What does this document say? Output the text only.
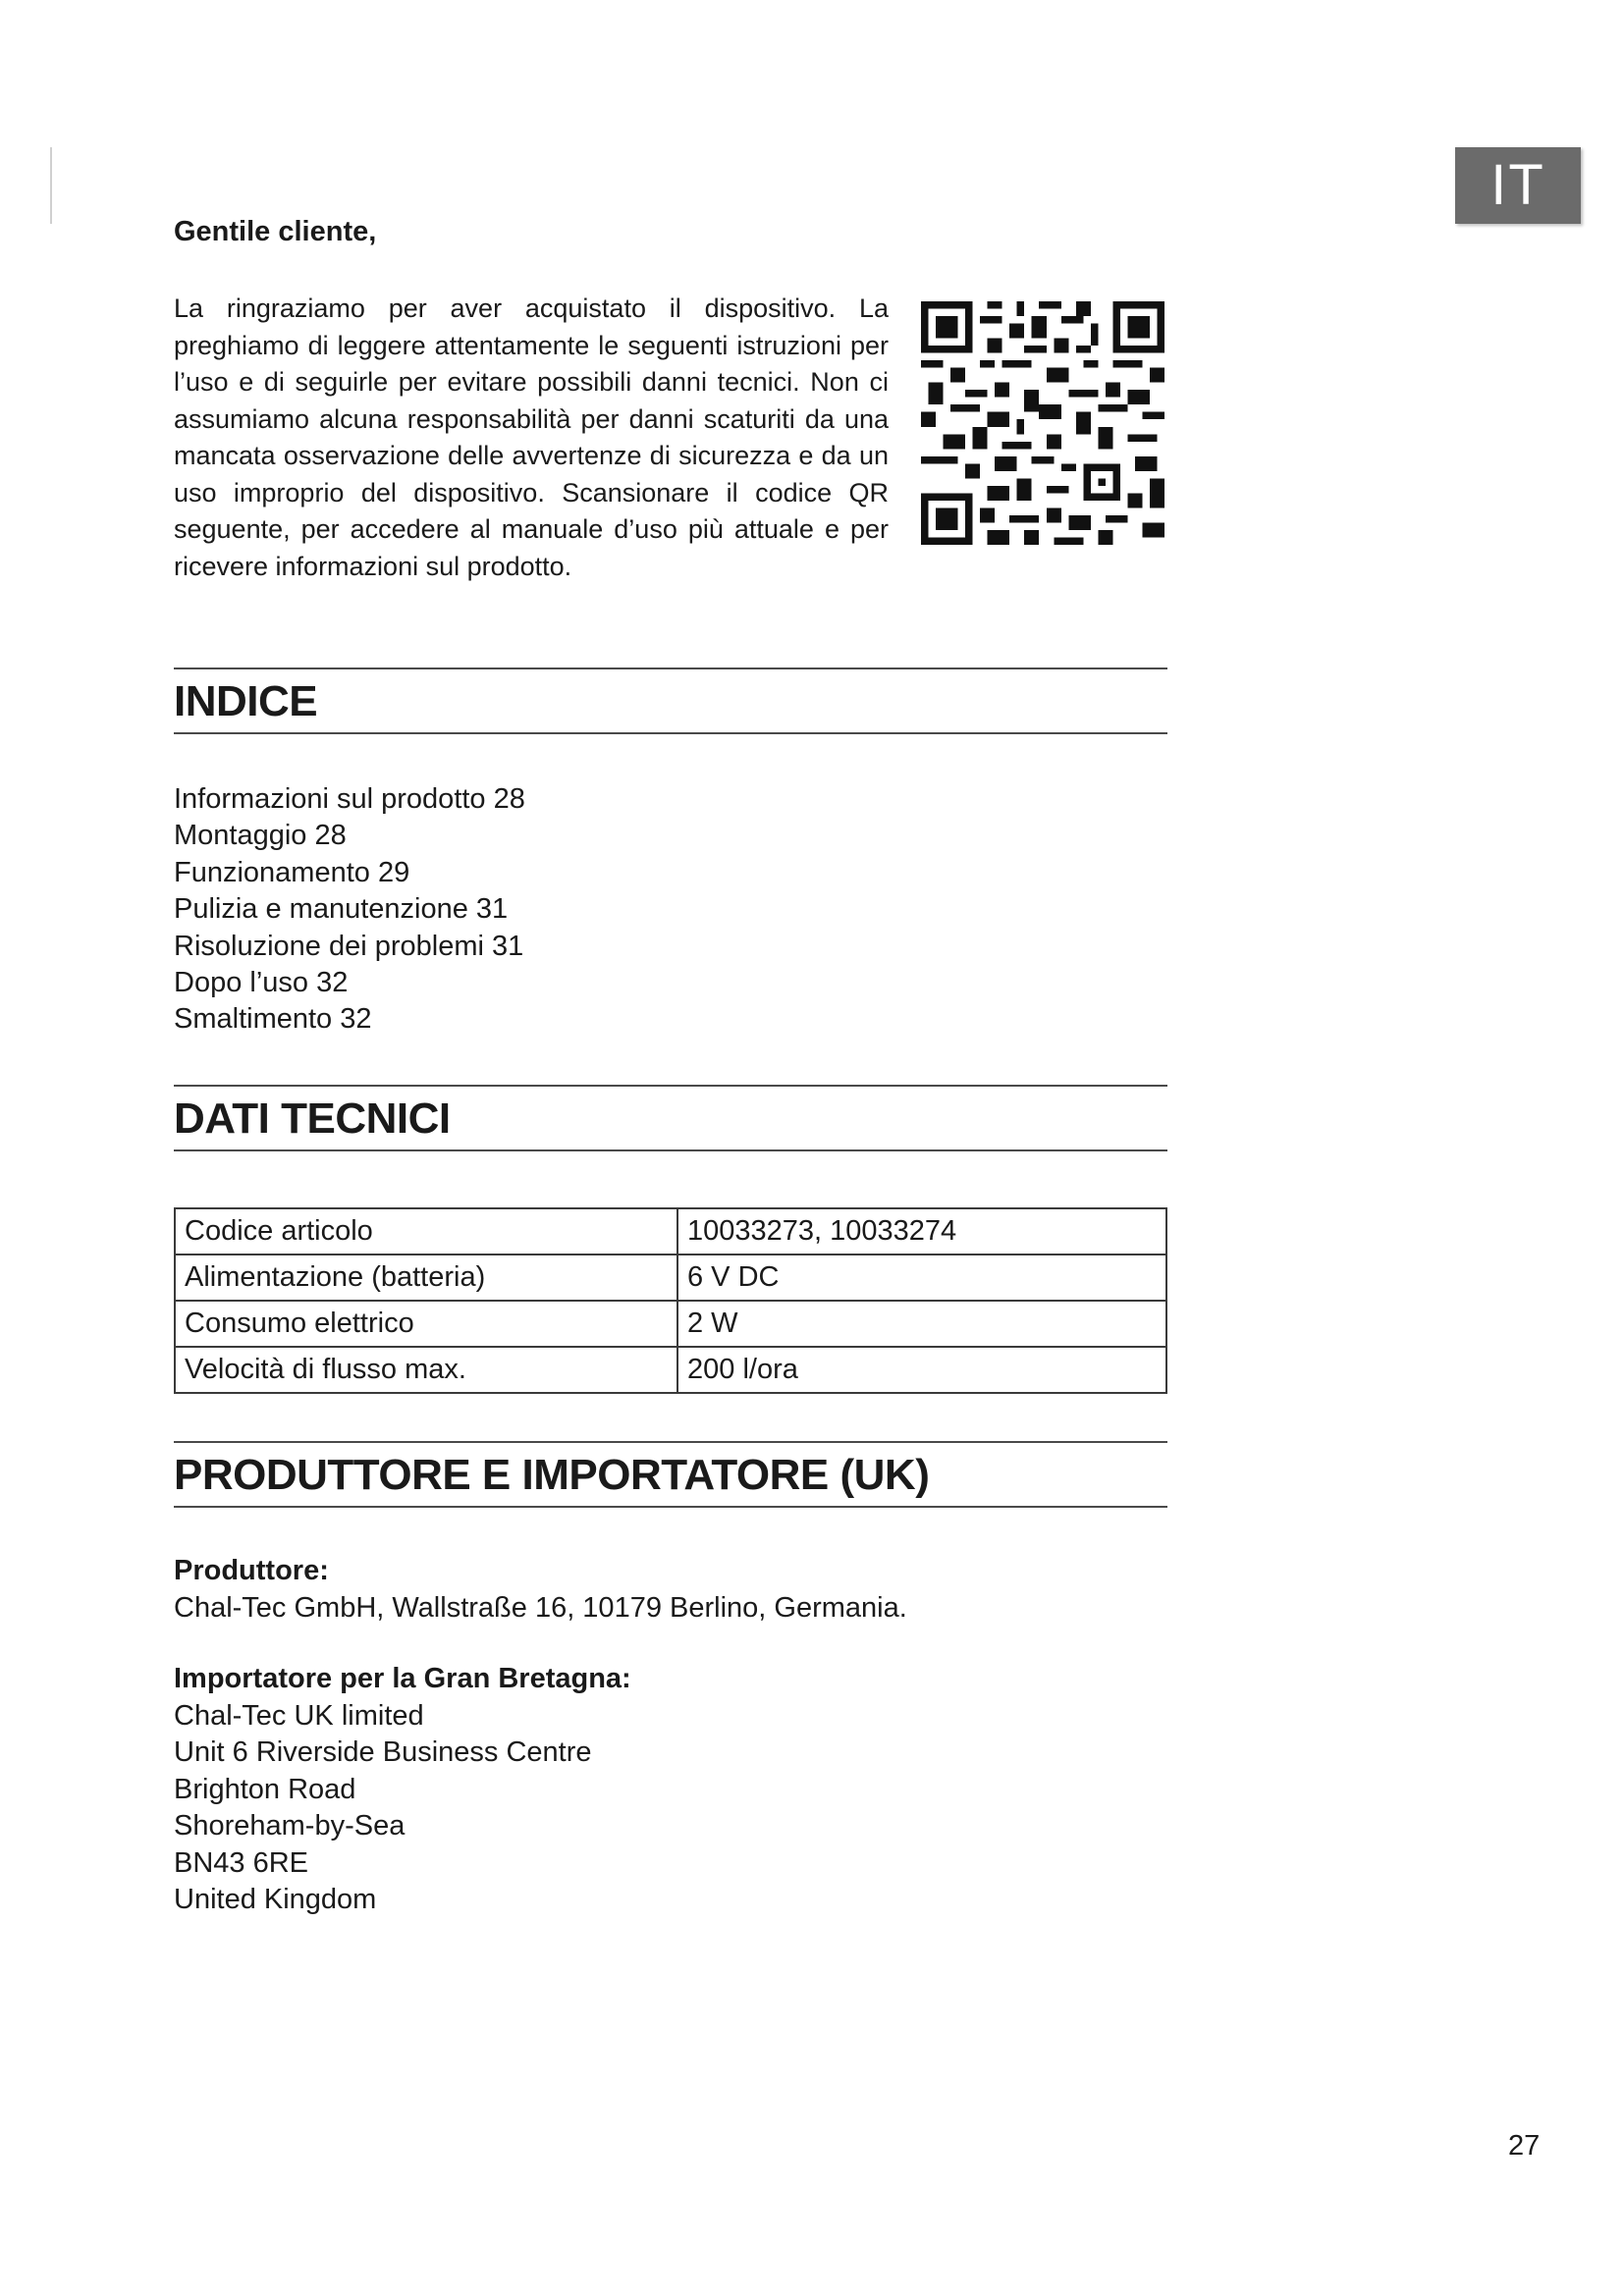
IT
Gentile cliente,

La ringraziamo per aver acquistato il dispositivo. La preghiamo di leggere attentamente le seguenti istruzioni per l’uso e di seguirle per evitare possibili danni tecnici. Non ci assumiamo alcuna responsabilità per danni scaturiti da una mancata osservazione delle avvertenze di sicurezza e da un uso improprio del dispositivo. Scansionare il codice QR seguente, per accedere al manuale d’uso più attuale e per ricevere informazioni sul prodotto.

INDICE
Informazioni sul prodotto 28
Montaggio 28
Funzionamento 29
Pulizia e manutenzione 31
Risoluzione dei problemi 31
Dopo l’uso 32
Smaltimento 32
DATI TECNICI
Codice articolo	10033273, 10033274
Alimentazione (batteria)	6 V DC
Consumo elettrico	2 W
Velocità di flusso max.	200 l/ora
PRODUTTORE E IMPORTATORE (UK)
Produttore:
Chal-Tec GmbH, Wallstraße 16, 10179 Berlino, Germania.
Importatore per la Gran Bretagna:
Chal-Tec UK limited
Unit 6 Riverside Business Centre
Brighton Road
Shoreham-by-Sea
BN43 6RE
United Kingdom
27
